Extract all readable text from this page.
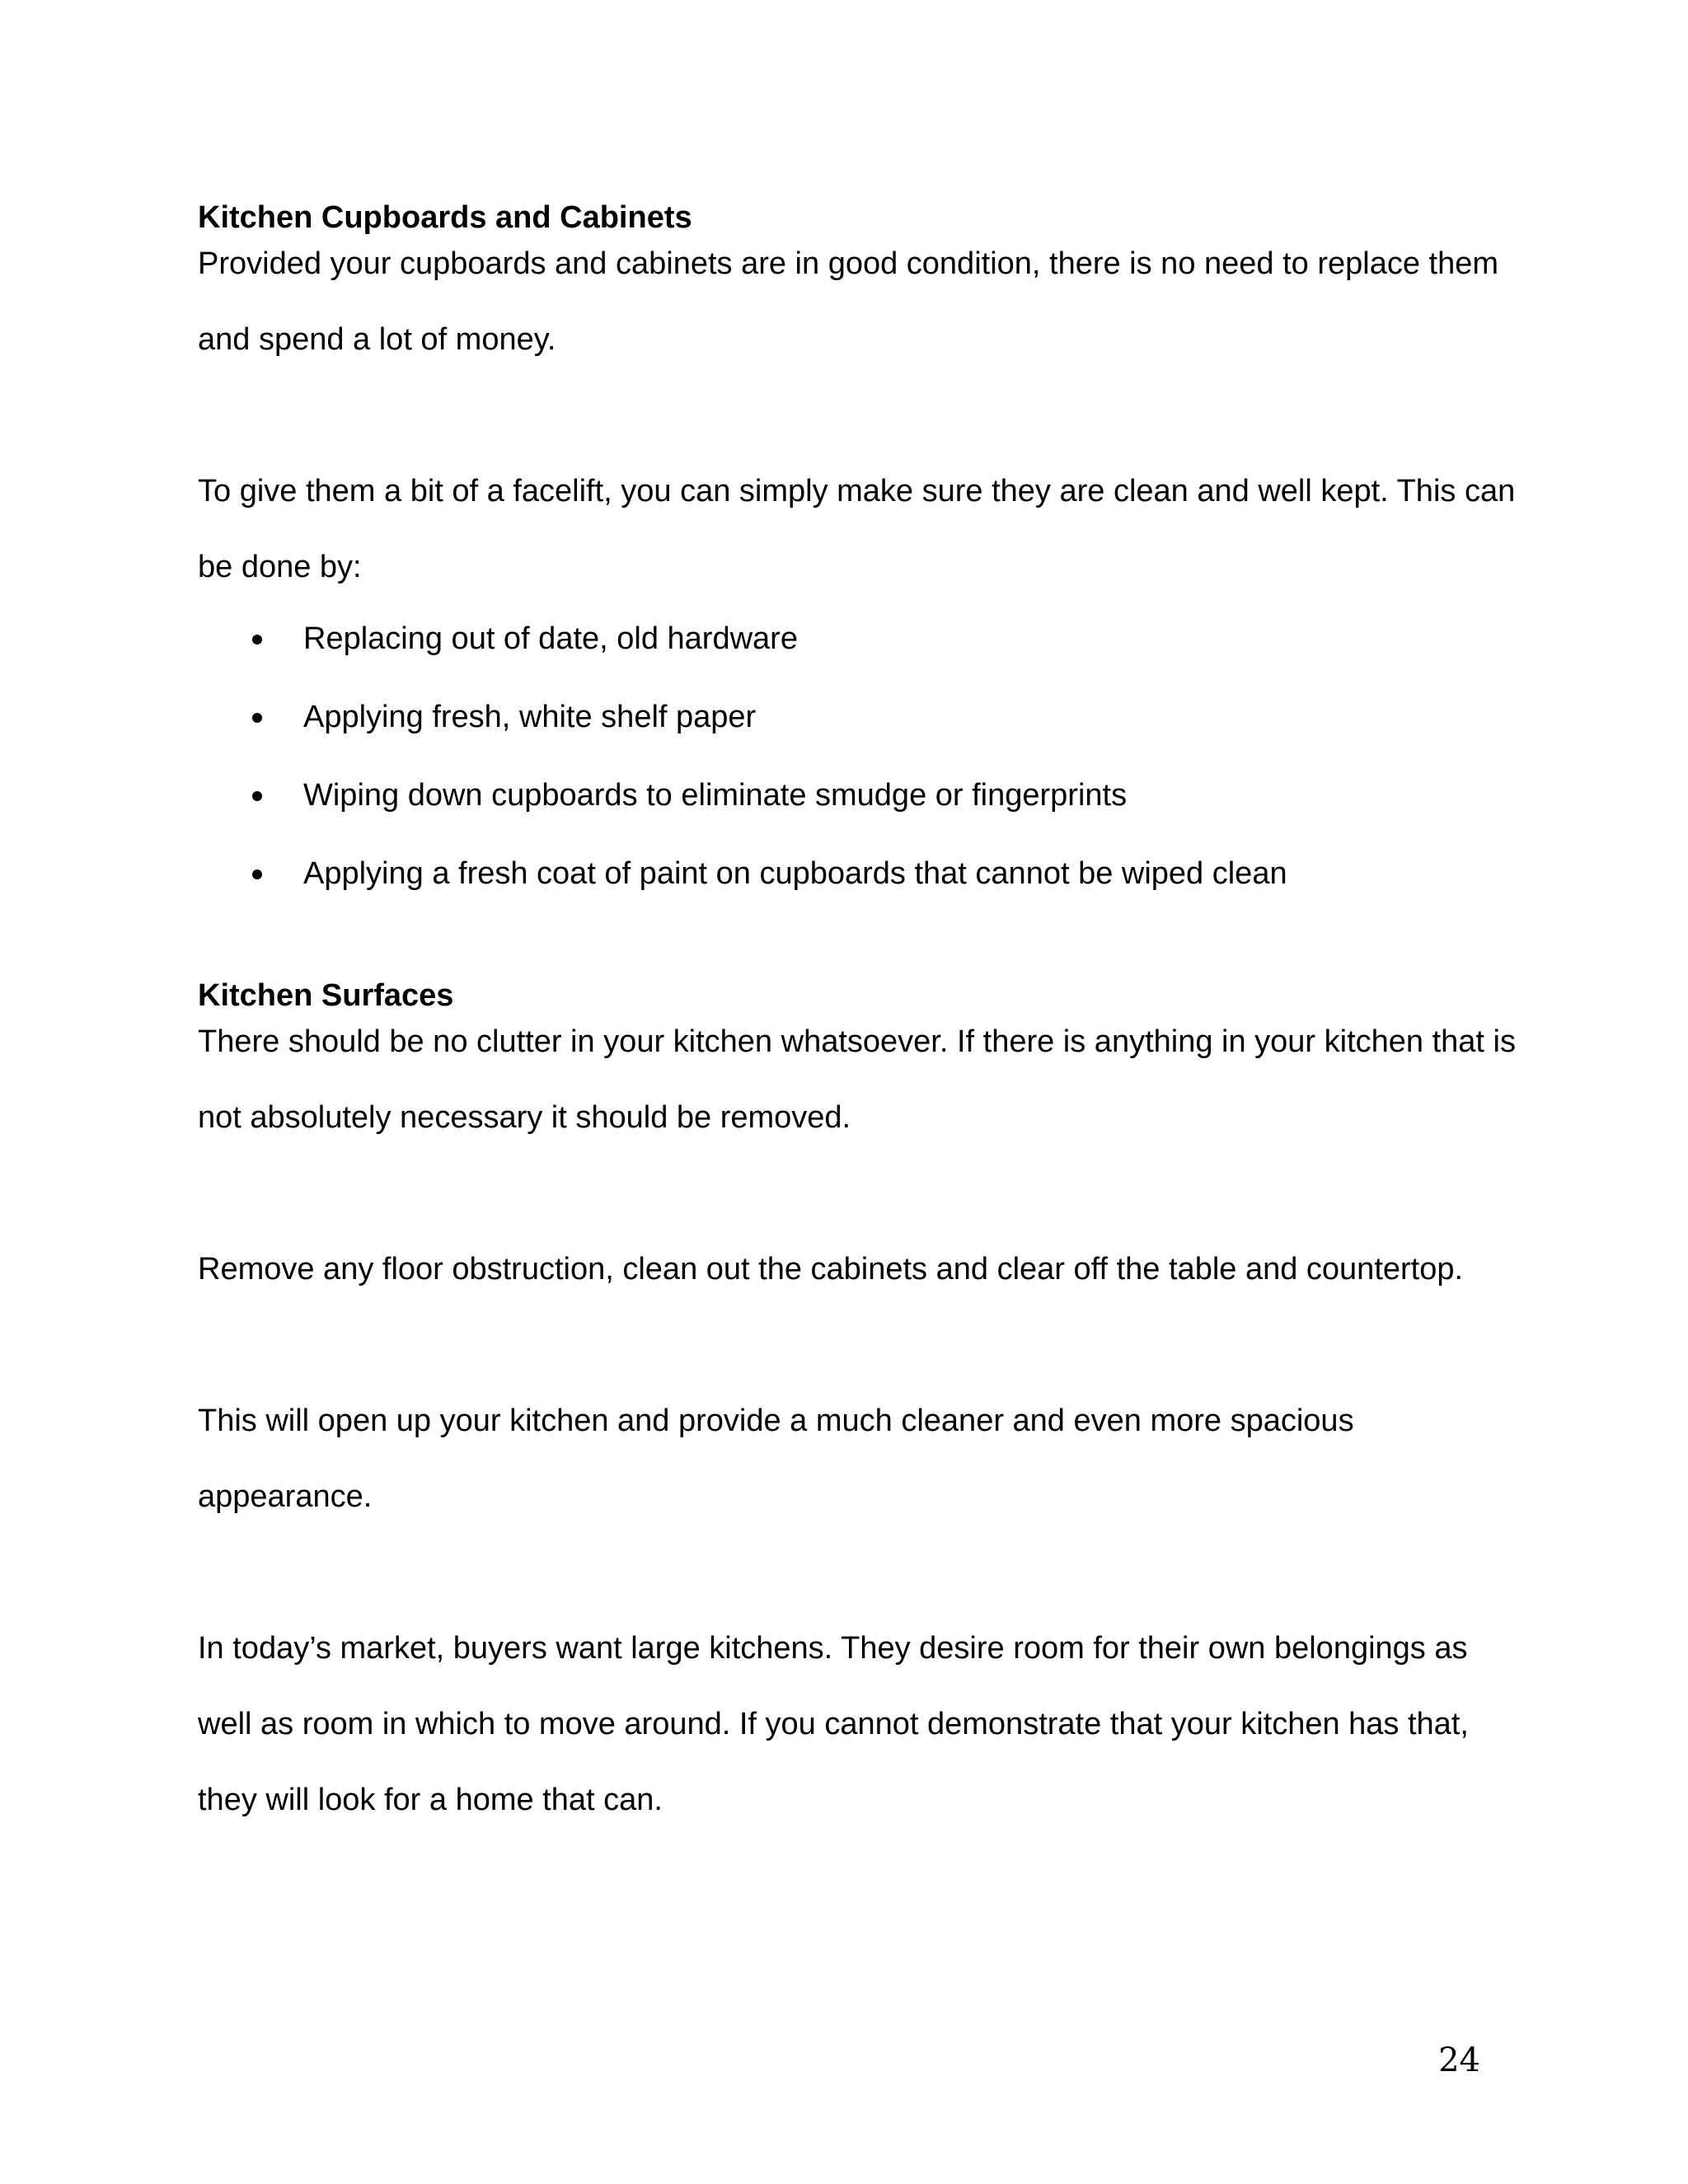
Kitchen Cupboards and Cabinets

Provided your cupboards and cabinets are in good condition, there is no need to replace them and spend a lot of money.

To give them a bit of a facelift, you can simply make sure they are clean and well kept. This can be done by:

Replacing out of date, old hardware
Applying fresh, white shelf paper
Wiping down cupboards to eliminate smudge or fingerprints
Applying a fresh coat of paint on cupboards that cannot be wiped clean

Kitchen Surfaces

There should be no clutter in your kitchen whatsoever. If there is anything in your kitchen that is not absolutely necessary it should be removed.

Remove any floor obstruction, clean out the cabinets and clear off the table and countertop.

This will open up your kitchen and provide a much cleaner and even more spacious appearance.

In today’s market, buyers want large kitchens. They desire room for their own belongings as well as room in which to move around. If you cannot demonstrate that your kitchen has that, they will look for a home that can.

24
